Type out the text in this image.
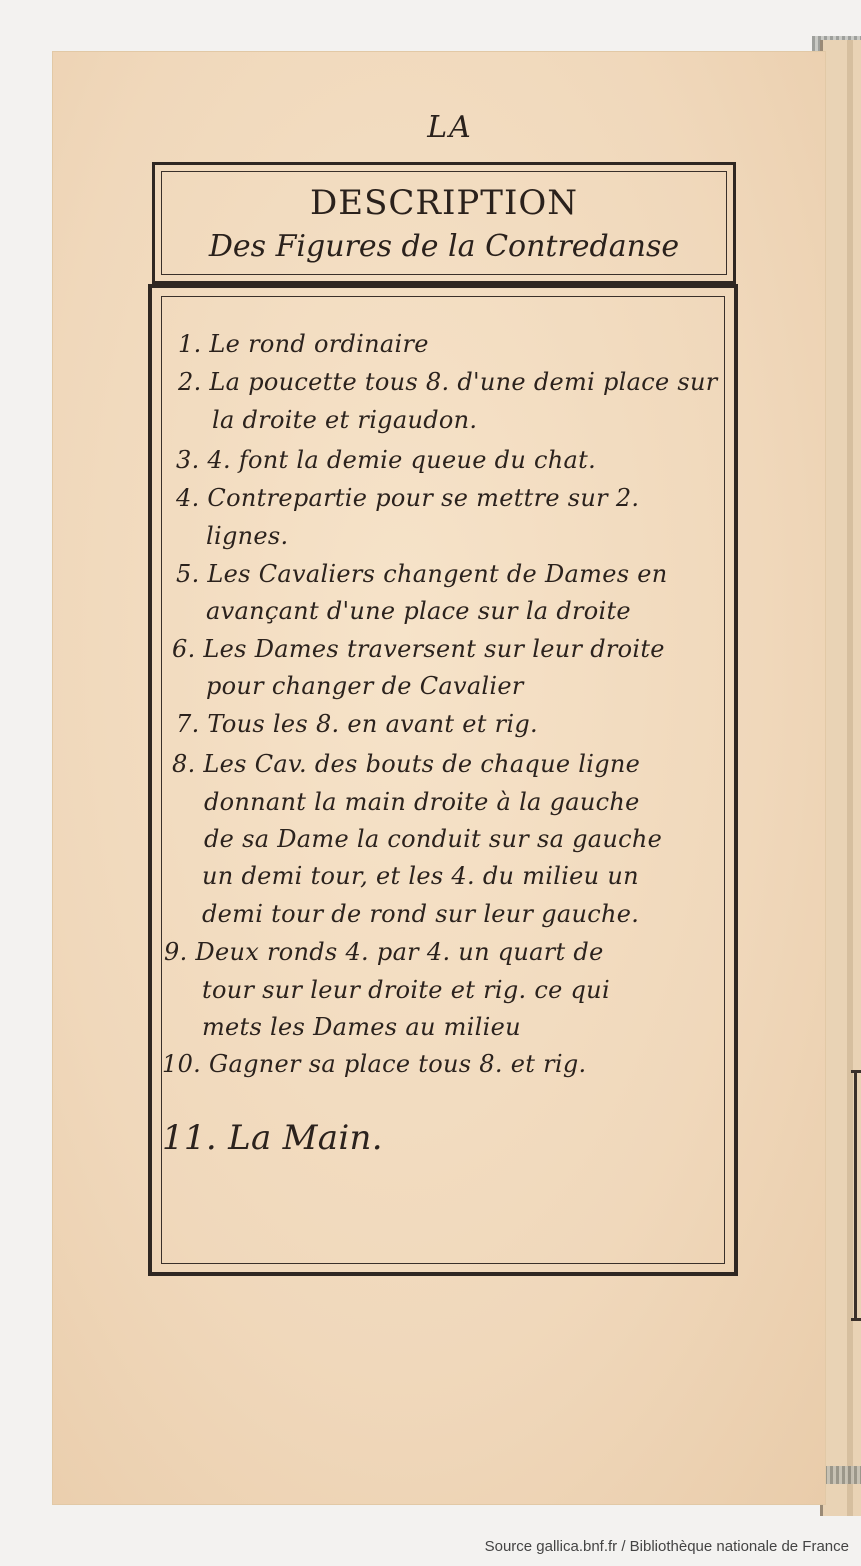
LA
DESCRIPTION
Des Figures de la Contredanse
1. Le rond ordinaire
2. La poucette tous 8. d'une demi place sur
la droite et rigaudon.
3. 4. font la demie queue du chat.
4. Contrepartie pour se mettre sur 2.
lignes.
5. Les Cavaliers changent de Dames en
avançant d'une place sur la droite
6. Les Dames traversent sur leur droite
pour changer de Cavalier
7. Tous les 8. en avant et rig.
8. Les Cav. des bouts de chaque ligne
donnant la main droite à la gauche
de sa Dame la conduit sur sa gauche
un demi tour, et les 4. du milieu un
demi tour de rond sur leur gauche.
9. Deux ronds 4. par 4. un quart de
tour sur leur droite et rig. ce qui
mets les Dames au milieu
10. Gagner sa place tous 8. et rig.
11. La Main.
Source gallica.bnf.fr / Bibliothèque nationale de France
